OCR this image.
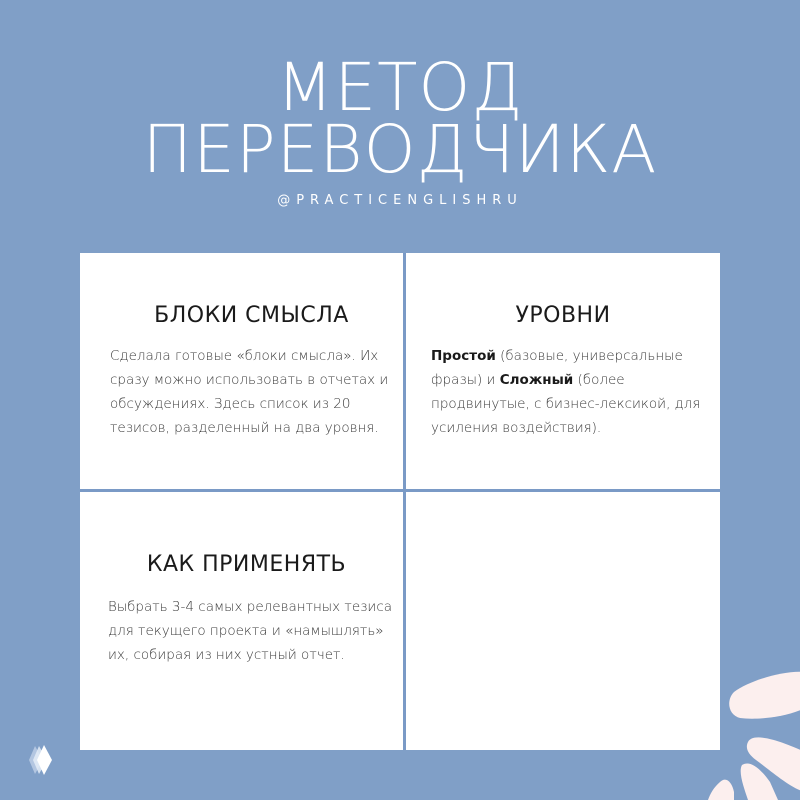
МЕТОД
ПЕРЕВОДЧИКА
@PRACTICENGLISHRU
БЛОКИ СМЫСЛА

Сделала готовые «блоки смысла». Их сразу можно использовать в отчетах и обсуждениях. Здесь список из 20 тезисов, разделенный на два уровня.

УРОВНИ

Простой (базовые, универсальные фразы) и Сложный (более продвинутые, с бизнес-лексикой, для усиления воздействия).

КАК ПРИМЕНЯТЬ

Выбрать 3-4 самых релевантных тезиса для текущего проекта и «намышлять» их, собирая из них устный отчет.
